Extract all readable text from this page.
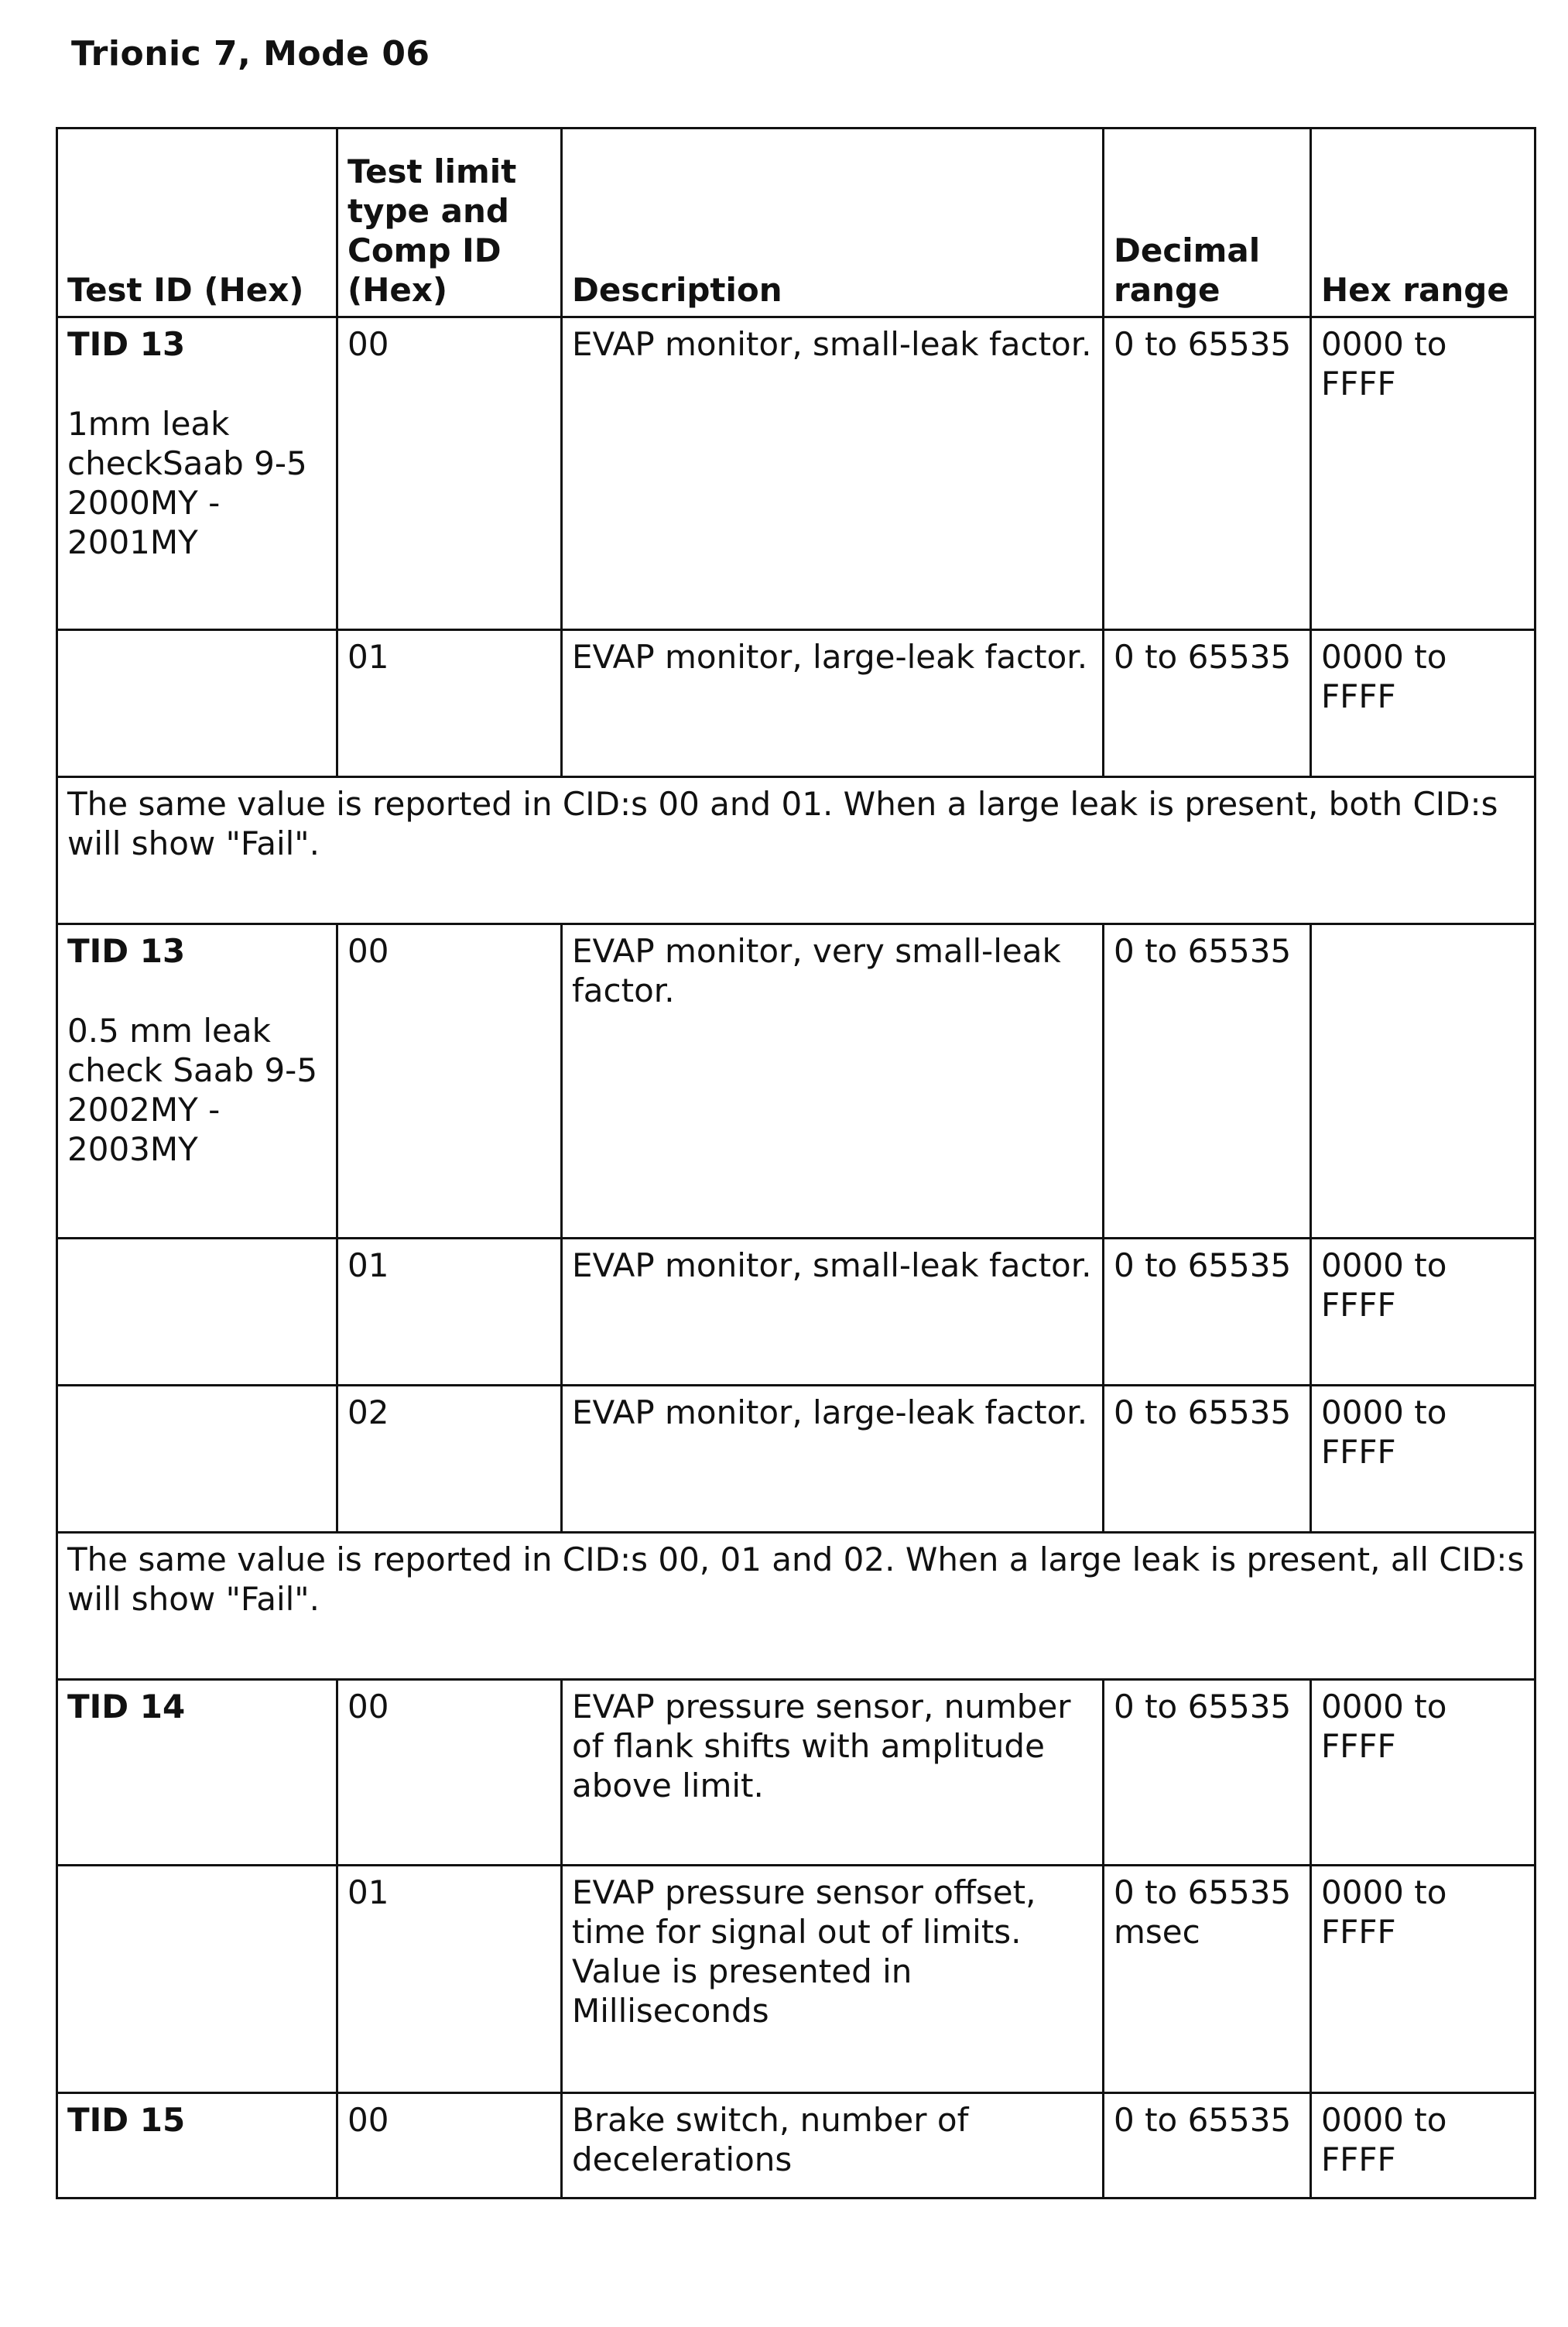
Trionic 7, Mode 06
Test ID (Hex)	Test limit type and Comp ID (Hex)	Description	Decimal range	Hex range

TID 13
1mm leak checkSaab 9-5 2000MY - 2001MY	00	EVAP monitor, small-leak factor.	0 to 65535	0000 to FFFF
	01	EVAP monitor, large-leak factor.	0 to 65535	0000 to FFFF
The same value is reported in CID:s 00 and 01. When a large leak is present, both CID:s will show "Fail".				

TID 13
0.5 mm leak check Saab 9-5 2002MY - 2003MY	00	EVAP monitor, very small-leak factor.	0 to 65535	
	01	EVAP monitor, small-leak factor.	0 to 65535	0000 to FFFF
	02	EVAP monitor, large-leak factor.	0 to 65535	0000 to FFFF
The same value is reported in CID:s 00, 01 and 02. When a large leak is present, all CID:s will show "Fail".				

TID 14	00	EVAP pressure sensor, number of flank shifts with amplitude above limit.	0 to 65535	0000 to FFFF
	01	EVAP pressure sensor offset, time for signal out of limits. Value is presented in Milliseconds	0 to 65535 msec	0000 to FFFF

TID 15	00	Brake switch, number of decelerations	0 to 65535	0000 to FFFF
